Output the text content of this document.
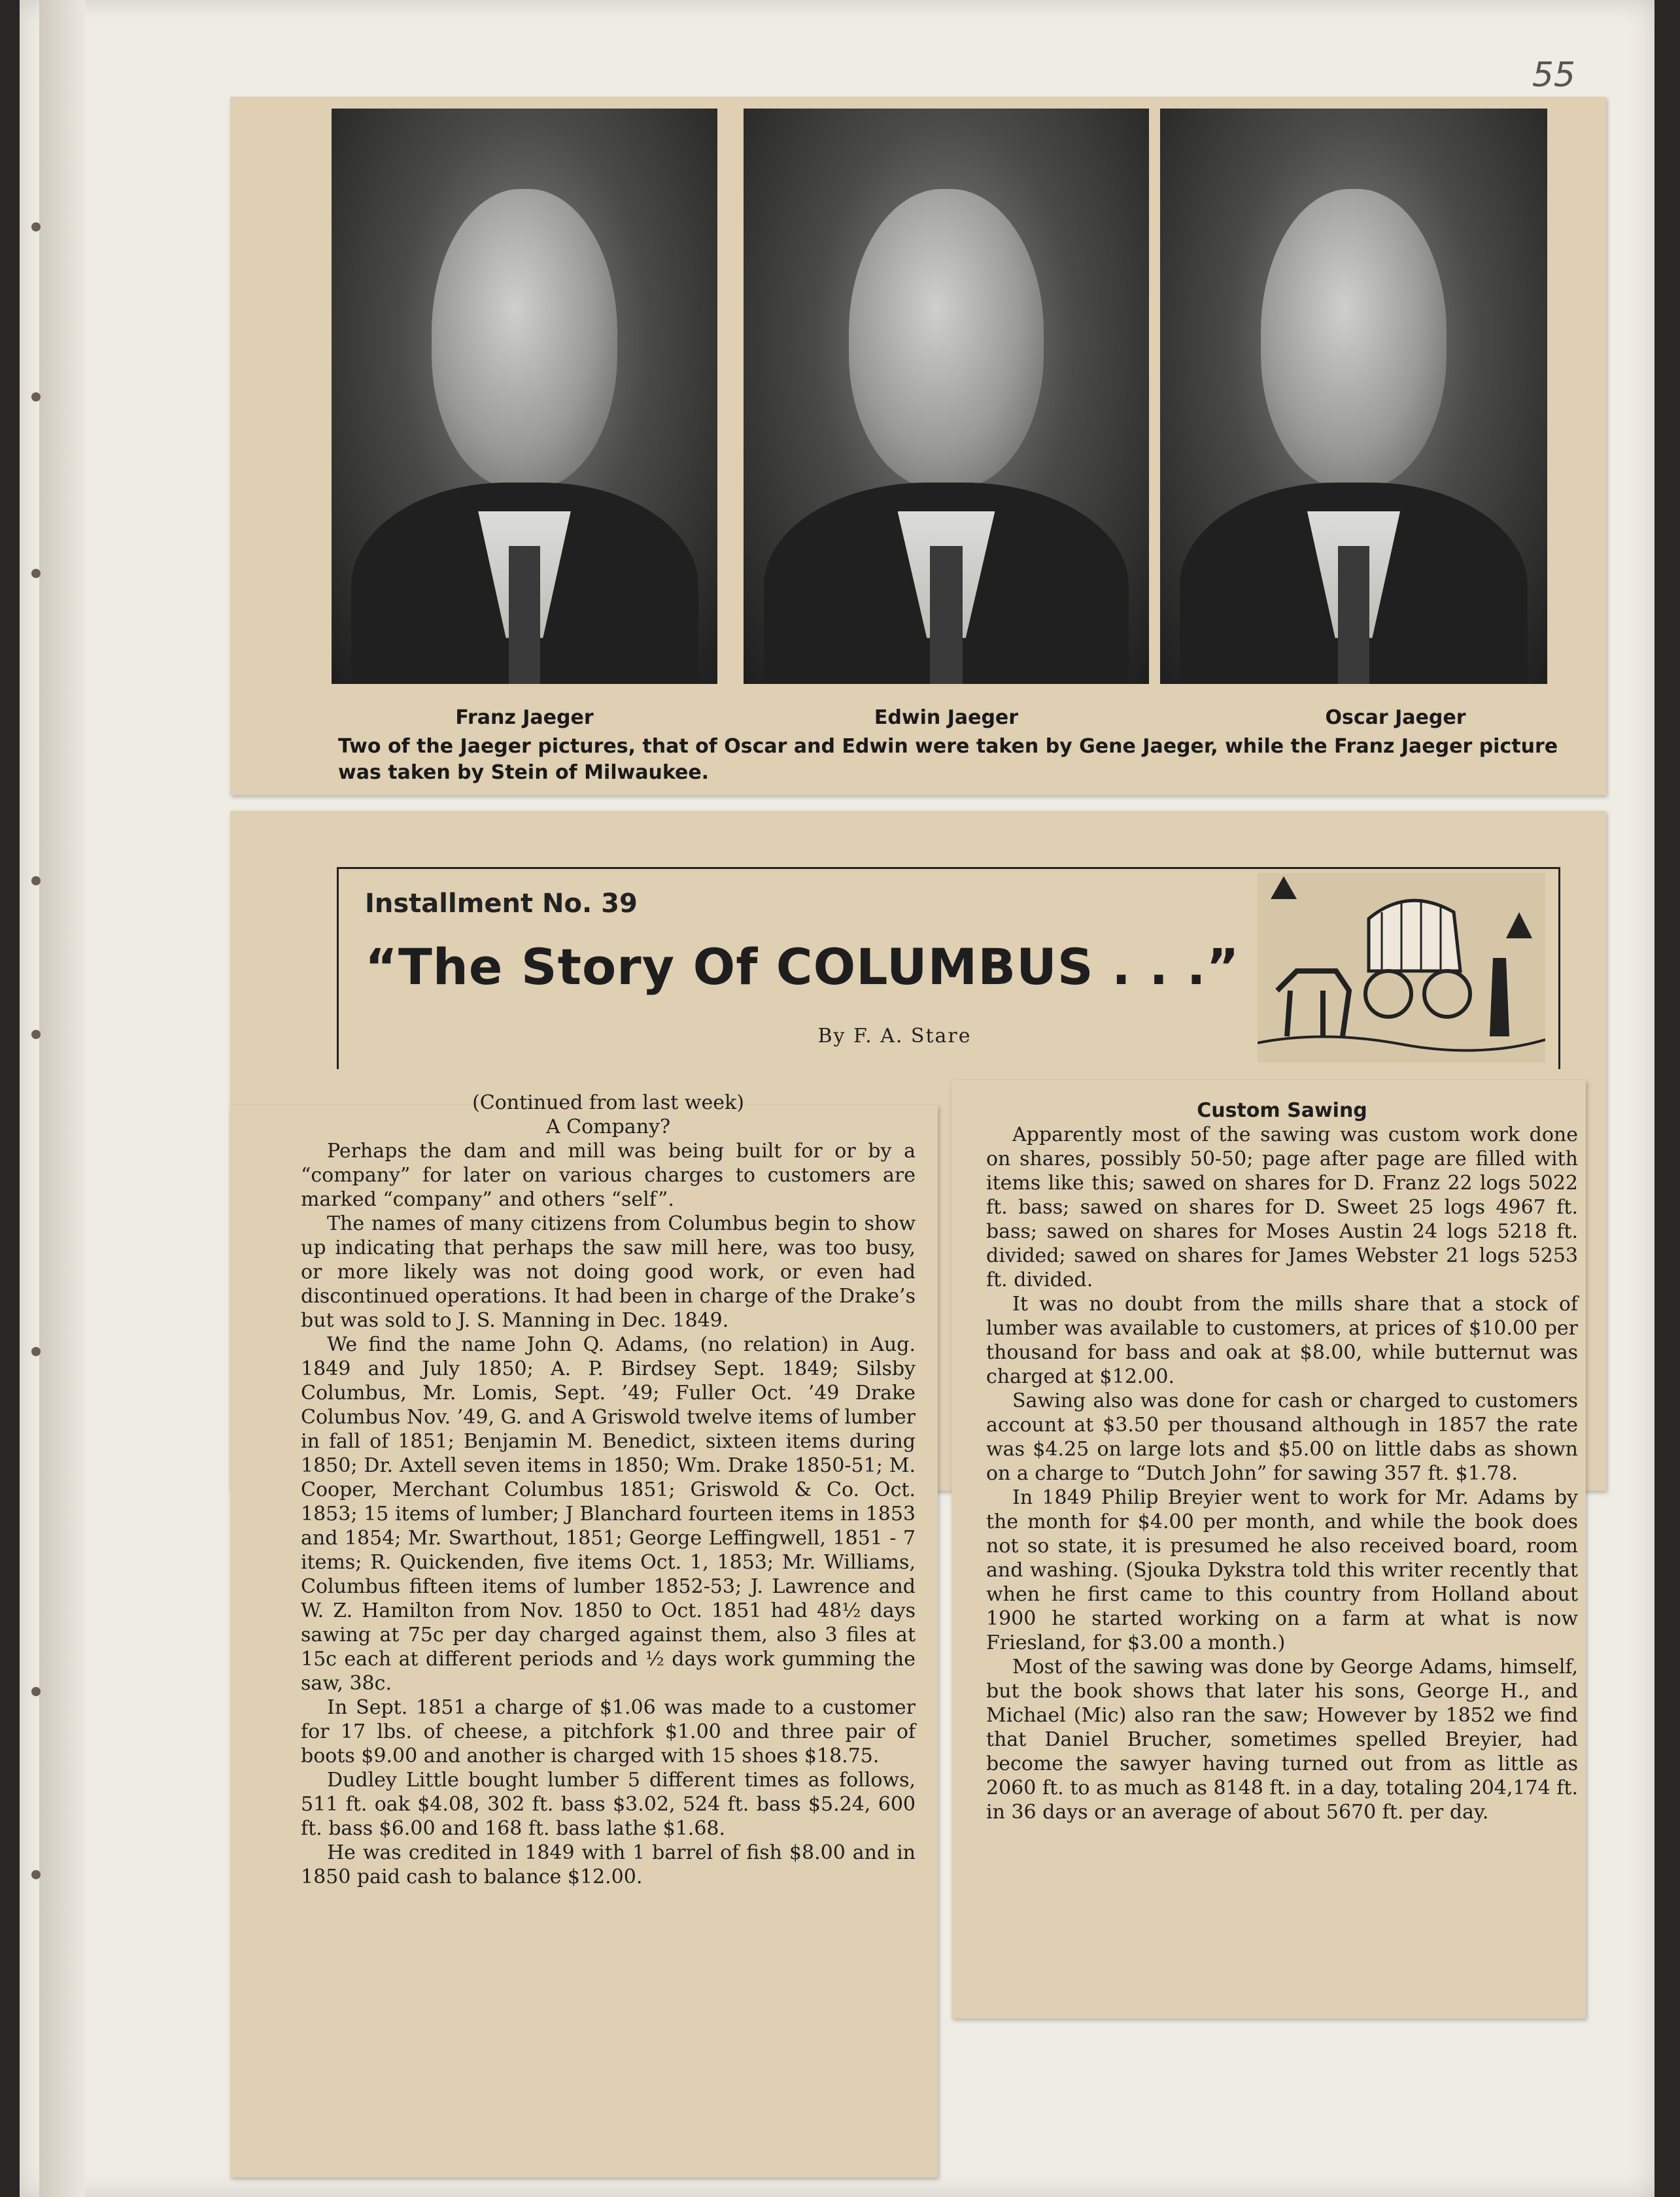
55
Franz Jaeger	Edwin Jaeger	Oscar Jaeger
Two of the Jaeger pictures, that of Oscar and Edwin were taken by Gene Jaeger, while the Franz Jaeger picture was taken by Stein of Milwaukee.
Installment No. 39
“The Story Of COLUMBUS . . .”
By F. A. Stare

(Continued from last week)

A Company?

Perhaps the dam and mill was being built for or by a “company” for later on various charges to customers are marked “company” and others “self”.

The names of many citizens from Columbus begin to show up indicating that perhaps the saw mill here, was too busy, or more likely was not doing good work, or even had discontinued operations. It had been in charge of the Drake’s but was sold to J. S. Manning in Dec. 1849.

We find the name John Q. Adams, (no relation) in Aug. 1849 and July 1850; A. P. Birdsey Sept. 1849; Silsby Columbus, Mr. Lomis, Sept. ’49; Fuller Oct. ’49 Drake Columbus Nov. ’49, G. and A Griswold twelve items of lumber in fall of 1851; Benjamin M. Benedict, sixteen items during 1850; Dr. Axtell seven items in 1850; Wm. Drake 1850-51; M. Cooper, Merchant Columbus 1851; Griswold & Co. Oct. 1853; 15 items of lumber; J Blanchard fourteen items in 1853 and 1854; Mr. Swarthout, 1851; George Leffingwell, 1851 - 7 items; R. Quickenden, five items Oct. 1, 1853; Mr. Williams, Columbus fifteen items of lumber 1852-53; J. Lawrence and W. Z. Hamilton from Nov. 1850 to Oct. 1851 had 48½ days sawing at 75c per day charged against them, also 3 files at 15c each at different periods and ½ days work gumming the saw, 38c.

In Sept. 1851 a charge of $1.06 was made to a customer for 17 lbs. of cheese, a pitchfork $1.00 and three pair of boots $9.00 and another is charged with 15 shoes $18.75.

Dudley Little bought lumber 5 different times as follows, 511 ft. oak $4.08, 302 ft. bass $3.02, 524 ft. bass $5.24, 600 ft. bass $6.00 and 168 ft. bass lathe $1.68.

He was credited in 1849 with 1 barrel of fish $8.00 and in 1850 paid cash to balance $12.00.

Custom Sawing

Apparently most of the sawing was custom work done on shares, possibly 50-50; page after page are filled with items like this; sawed on shares for D. Franz 22 logs 5022 ft. bass; sawed on shares for D. Sweet 25 logs 4967 ft. bass; sawed on shares for Moses Austin 24 logs 5218 ft. divided; sawed on shares for James Webster 21 logs 5253 ft. divided.

It was no doubt from the mills share that a stock of lumber was available to customers, at prices of $10.00 per thousand for bass and oak at $8.00, while butternut was charged at $12.00.

Sawing also was done for cash or charged to customers account at $3.50 per thousand although in 1857 the rate was $4.25 on large lots and $5.00 on little dabs as shown on a charge to “Dutch John” for sawing 357 ft. $1.78.

In 1849 Philip Breyier went to work for Mr. Adams by the month for $4.00 per month, and while the book does not so state, it is presumed he also received board, room and washing. (Sjouka Dykstra told this writer recently that when he first came to this country from Holland about 1900 he started working on a farm at what is now Friesland, for $3.00 a month.)

Most of the sawing was done by George Adams, himself, but the book shows that later his sons, George H., and Michael (Mic) also ran the saw; However by 1852 we find that Daniel Brucher, sometimes spelled Breyier, had become the sawyer having turned out from as little as 2060 ft. to as much as 8148 ft. in a day, totaling 204,174 ft. in 36 days or an average of about 5670 ft. per day.
